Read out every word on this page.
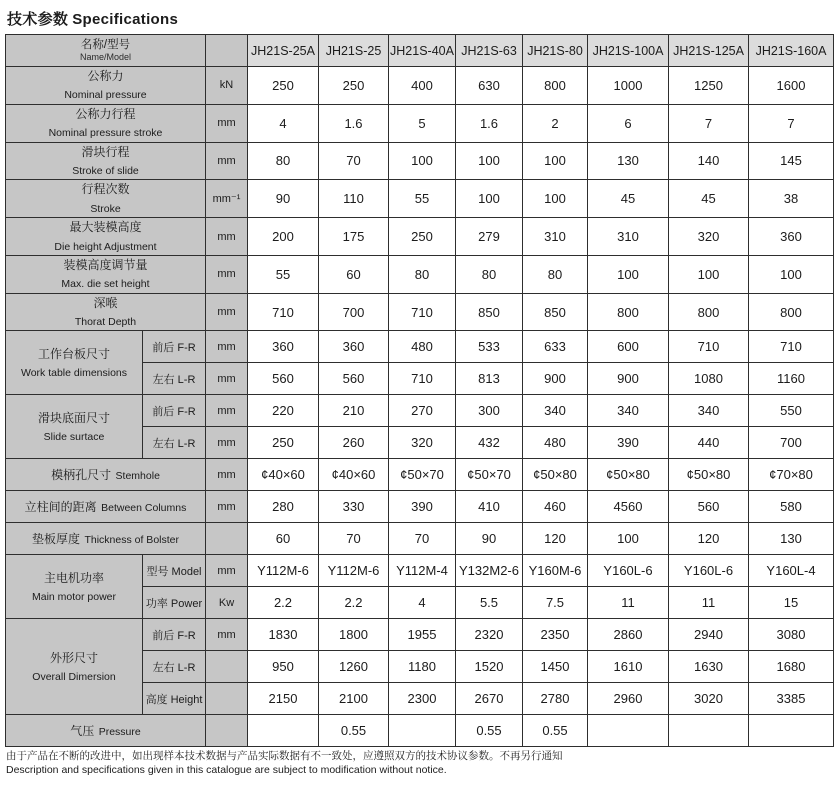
技术参数 Specifications
名称/型号
Name/Model			JH21S-25A	JH21S-25	JH21S-40A	JH21S-63	JH21S-80	JH21S-100A	JH21S-125A	JH21S-160A
公称力
Nominal pressure		kN	250	250	400	630	800	1000	1250	1600
公称力行程
Nominal pressure stroke		mm	4	1.6	5	1.6	2	6	7	7
滑块行程
Stroke of slide		mm	80	70	100	100	100	130	140	145
行程次数
Stroke		mm⁻¹	90	110	55	100	100	45	45	38
最大装模高度
Die height Adjustment		mm	200	175	250	279	310	310	320	360
装模高度调节量
Max. die set height		mm	55	60	80	80	80	100	100	100
深喉
Thorat Depth		mm	710	700	710	850	850	800	800	800
工作台板尺寸
Work table dimensions	前后 F-R	mm	360	360	480	533	633	600	710	710
	左右 L-R	mm	560	560	710	813	900	900	1080	1160
滑块底面尺寸
Slide surtace	前后 F-R	mm	220	210	270	300	340	340	340	550
	左右 L-R	mm	250	260	320	432	480	390	440	700
模柄孔尺寸 Stemhole		mm	¢40×60	¢40×60	¢50×70	¢50×70	¢50×80	¢50×80	¢50×80	¢70×80
立柱间的距离 Between Columns		mm	280	330	390	410	460	4560	560	580
垫板厚度 Thickness of Bolster			60	70	70	90	120	100	120	130
主电机功率
Main motor power	型号 Model	mm	Y112M-6	Y112M-6	Y112M-4	Y132M2-6	Y160M-6	Y160L-6	Y160L-6	Y160L-4
	功率 Power	Kw	2.2	2.2	4	5.5	7.5	11	11	15
外形尺寸
Overall Dimersion	前后 F-R	mm	1830	1800	1955	2320	2350	2860	2940	3080
	左右 L-R		950	1260	1180	1520	1450	1610	1630	1680
	高度 Height		2150	2100	2300	2670	2780	2960	3020	3385
气压 Pressure				0.55		0.55	0.55			
由于产品在不断的改进中，如出现样本技术数据与产品实际数据有不一致处，应遵照双方的技术协议参数。不再另行通知
Description and specifications given in this catalogue are subject to modification without notice.
